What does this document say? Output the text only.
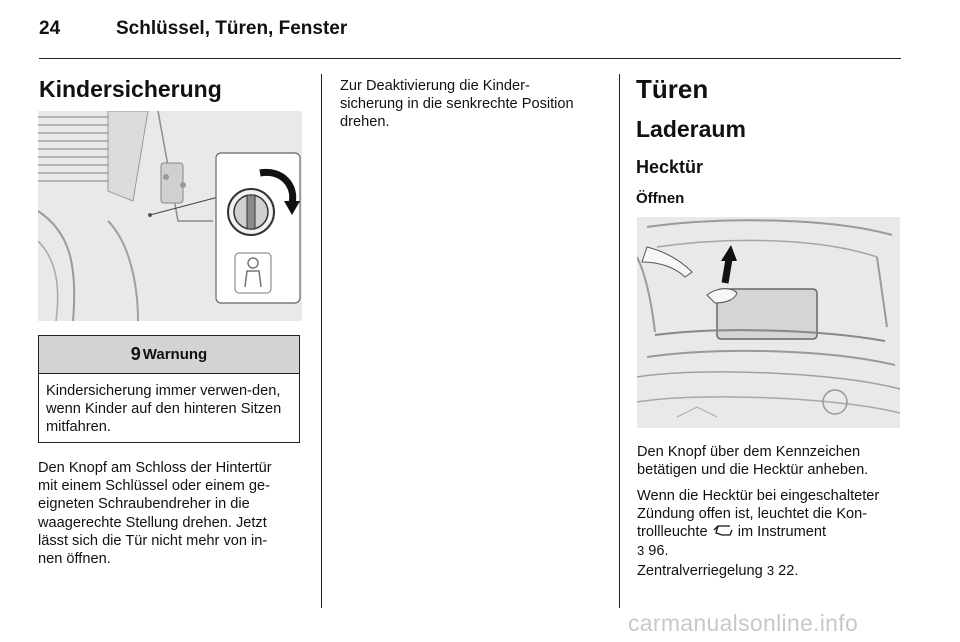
24	Schlüssel, Türen, Fenster
Kindersicherung
9 Warnung
Kindersicherung immer verwen-den, wenn Kinder auf den hinteren Sitzen mitfahren.
Den Knopf am Schloss der Hintertür
mit einem Schlüssel oder einem ge-
eigneten Schraubendreher in die
waagerechte Stellung drehen. Jetzt
lässt sich die Tür nicht mehr von in-
nen öffnen.
Zur Deaktivierung die Kinder-
sicherung in die senkrechte Position
drehen.
Türen
Laderaum
Hecktür
Öffnen
Den Knopf über dem Kennzeichen
betätigen und die Hecktür anheben.
Wenn die Hecktür bei eingeschalteter
Zündung offen ist, leuchtet die Kon-
trollleuchte im Instrument
3 96.
Zentralverriegelung 3 22.
carmanualsonline.info
